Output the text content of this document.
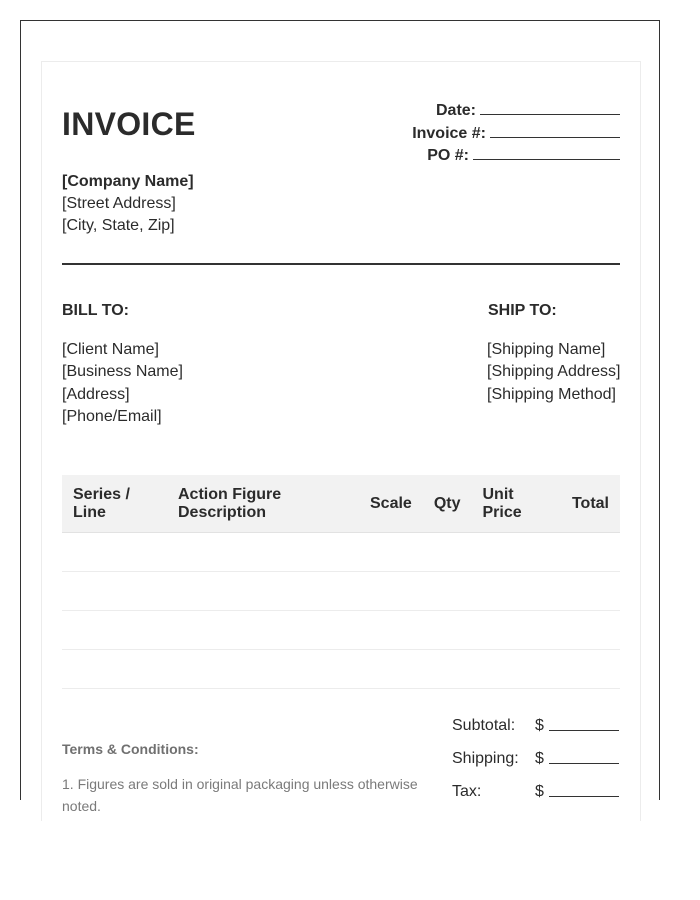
INVOICE	Date:
Invoice #:
PO #:
[Company Name]
[Street Address]
[City, State, Zip]
BILL TO:
[Client Name]
[Business Name]
[Address]
[Phone/Email]
SHIP TO:
[Shipping Name]
[Shipping Address]
[Shipping Method]
Series / Line	Action Figure Description	Scale	Qty	Unit Price	Total

Terms & Conditions:
1. Figures are sold in original packaging unless otherwise noted.
Subtotal: $
Shipping: $
Tax:	$
